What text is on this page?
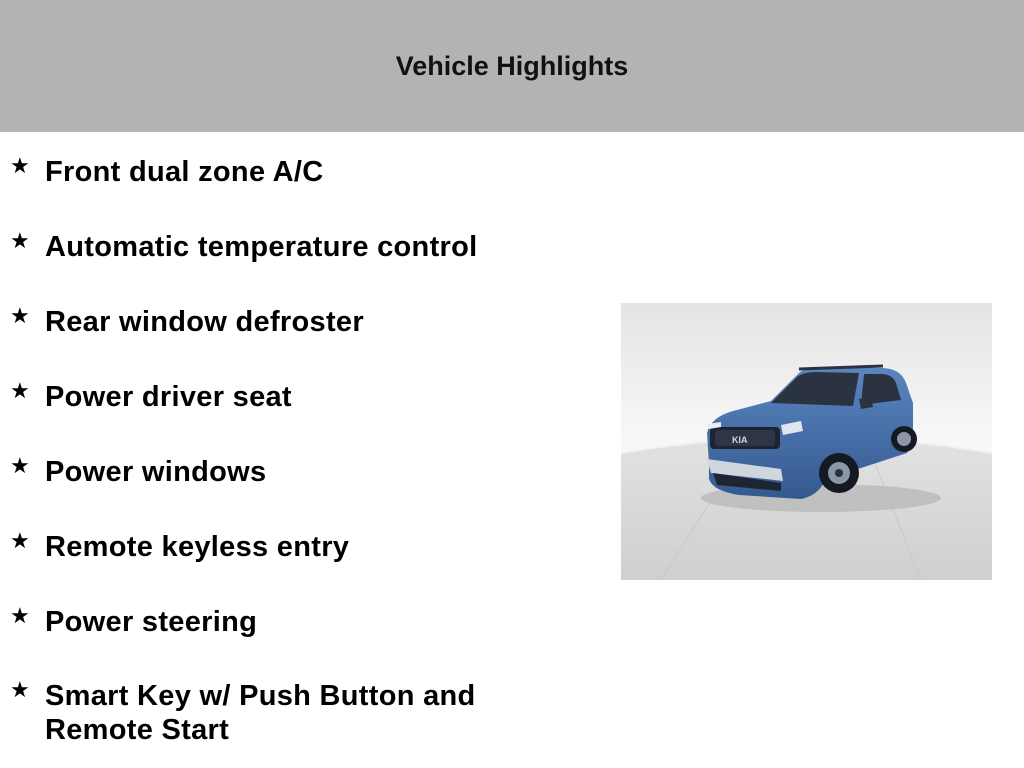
Vehicle Highlights
★ Front dual zone A/C
★ Automatic temperature control
★ Rear window defroster
★ Power driver seat
★ Power windows
★ Remote keyless entry
★ Power steering
★ Smart Key w/ Push Button and Remote Start
KIA
